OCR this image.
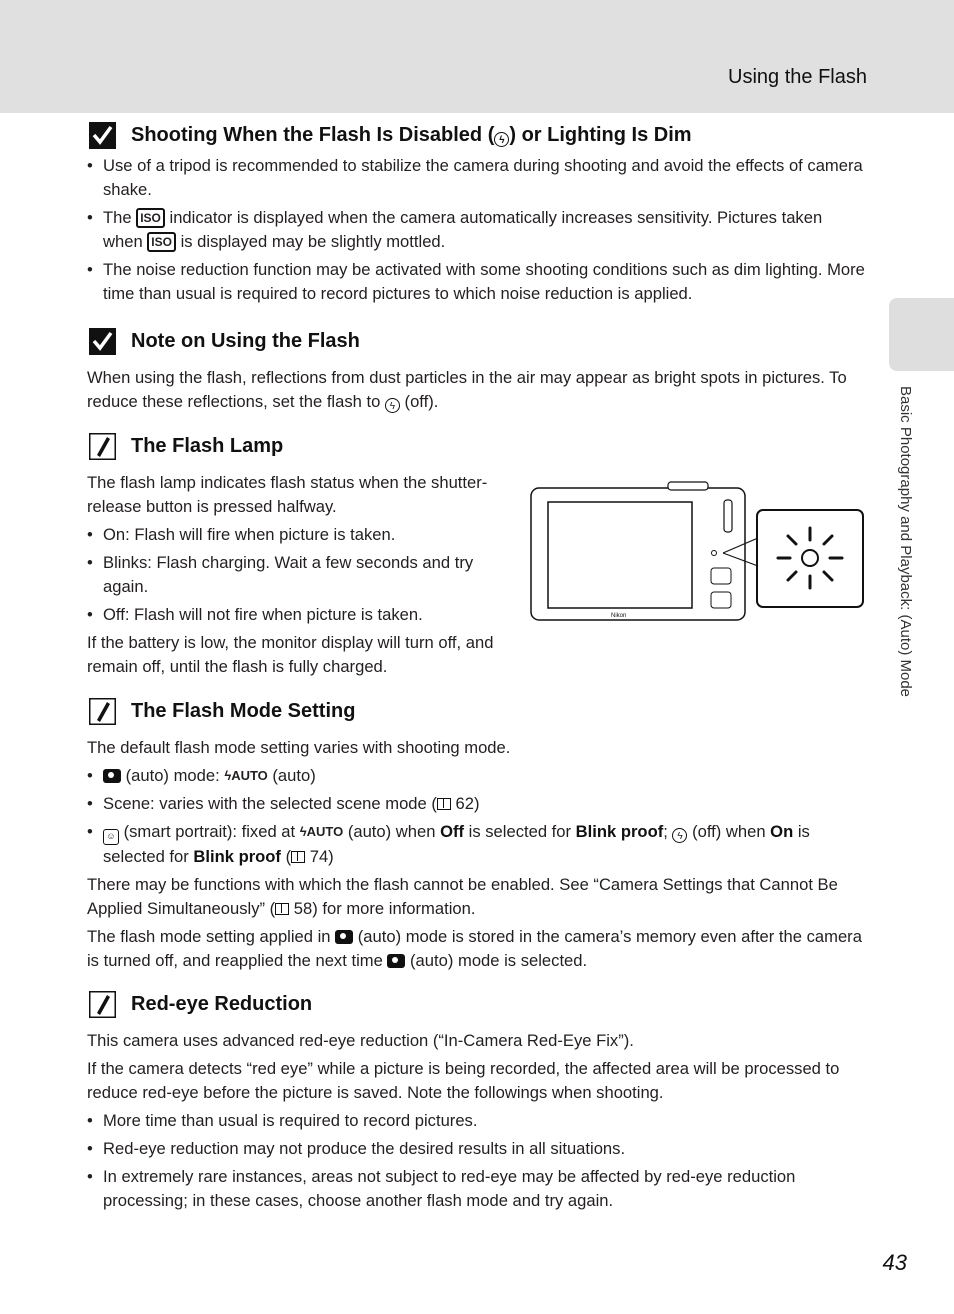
Using the Flash
Basic Photography and Playback: (Auto) Mode
Shooting When the Flash Is Disabled ( ϟ ) or Lighting Is Dim
• Use of a tripod is recommended to stabilize the camera during shooting and avoid the effects of camera shake.
• The ISO indicator is displayed when the camera automatically increases sensitivity. Pictures taken when ISO is displayed may be slightly mottled.
• The noise reduction function may be activated with some shooting conditions such as dim lighting. More time than usual is required to record pictures to which noise reduction is applied.
Note on Using the Flash

When using the flash, reflections from dust particles in the air may appear as bright spots in pictures. To reduce these reflections, set the flash to ϟ (off).

The Flash Lamp

The flash lamp indicates flash status when the shutter-release button is pressed halfway.

• On: Flash will fire when picture is taken.
• Blinks: Flash charging. Wait a few seconds and try again.
• Off: Flash will not fire when picture is taken.

If the battery is low, the monitor display will turn off, and remain off, until the flash is fully charged.

Nikon
The Flash Mode Setting

The default flash mode setting varies with shooting mode.

• (auto) mode: ϟAUTO (auto)
• Scene: varies with the selected scene mode ( 62)
• ☺ (smart portrait): fixed at ϟAUTO (auto) when Off is selected for Blink proof; ϟ (off) when On is selected for Blink proof ( 74)

There may be functions with which the flash cannot be enabled. See “Camera Settings that Cannot Be Applied Simultaneously” ( 58) for more information.

The flash mode setting applied in  (auto) mode is stored in the camera’s memory even after the camera is turned off, and reapplied the next time  (auto) mode is selected.

Red-eye Reduction

This camera uses advanced red-eye reduction (“In-Camera Red-Eye Fix”).

If the camera detects “red eye” while a picture is being recorded, the affected area will be processed to reduce red-eye before the picture is saved. Note the followings when shooting.

• More time than usual is required to record pictures.
• Red-eye reduction may not produce the desired results in all situations.
• In extremely rare instances, areas not subject to red-eye may be affected by red-eye reduction processing; in these cases, choose another flash mode and try again.
43
